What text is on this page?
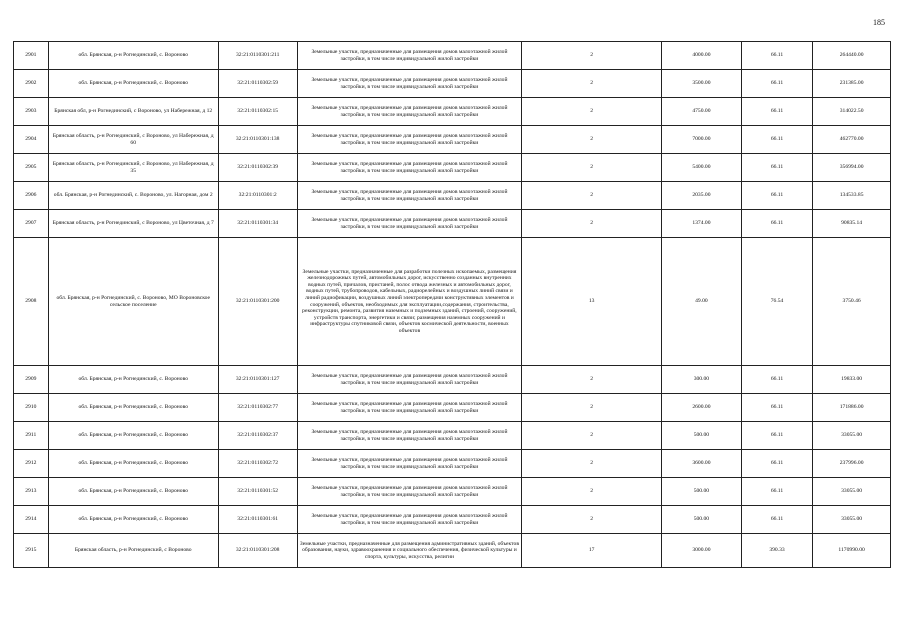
185
2901	обл. Брянская, р-н Рогнединский, с. Вороново	32:21:0110301:211	Земельные участки, предназначенные для размещения домов малоэтажной жилой застройки, в том числе индивидуальной жилой застройки	2	4000.00	66.11	264440.00
2902	обл. Брянская, р-н Рогнединский, с. Вороново	32:21:0110302:59	Земельные участки, предназначенные для размещения домов малоэтажной жилой застройки, в том числе индивидуальной жилой застройки	2	3500.00	66.11	231385.00
2903	Брянская обл, р-н Рогнединский, с Вороново, ул Набережная, д 12	32:21:0110302:15	Земельные участки, предназначенные для размещения домов малоэтажной жилой застройки, в том числе индивидуальной жилой застройки	2	4750.00	66.11	314022.50
2904	Брянская область, р-н Рогнединский, с Вороново, ул Набережная, д 60	32:21:0110301:138	Земельные участки, предназначенные для размещения домов малоэтажной жилой застройки, в том числе индивидуальной жилой застройки	2	7000.00	66.11	462770.00
2905	Брянская область, р-н Рогнединский, с Вороново, ул Набережная, д 35	32:21:0110302:39	Земельные участки, предназначенные для размещения домов малоэтажной жилой застройки, в том числе индивидуальной жилой застройки	2	5400.00	66.11	356994.00
2906	обл. Брянская, р-н Рогнединский, с. Вороново, ул. Нагорная, дом 2	32:21:0110301:2	Земельные участки, предназначенные для размещения домов малоэтажной жилой застройки, в том числе индивидуальной жилой застройки	2	2035.00	66.11	134533.85
2907	Брянская область, р-н Рогнединский, с Вороново, ул Цветочная, д 7	32:21:0110301:34	Земельные участки, предназначенные для размещения домов малоэтажной жилой застройки, в том числе индивидуальной жилой застройки	2	1374.00	66.11	90835.14
2908	обл. Брянская, р-н Рогнединский, с. Вороново, МО Вороновское сельское поселение	32:21:0110301:200	Земельные участки, предназначенные для разработки полезных ископаемых, размещения железнодорожных путей, автомобильных дорог, искусственно созданных внутренних водных путей, причалов, пристаней, полос отвода железных и автомобильных дорог, водных путей, трубопроводов, кабельных, радиорелейных и воздушных линий связи и линий радиофикации, воздушных линий электропередачи конструктивных элементов и сооружений, объектов, необходимых для эксплуатации,содержания, строительства, реконструкции, ремонта, развития наземных и подземных зданий, строений, сооружений, устройств транспорта, энергетики и связи; размещения наземных сооружений и инфраструктуры спутниковой связи, объектов космической деятельности, военных объектов	13	49.00	76.54	3750.46
2909	обл. Брянская, р-н Рогнединский, с. Вороново	32:21:0110301:127	Земельные участки, предназначенные для размещения домов малоэтажной жилой застройки, в том числе индивидуальной жилой застройки	2	300.00	66.11	19833.00
2910	обл. Брянская, р-н Рогнединский, с. Вороново	32:21:0110302:77	Земельные участки, предназначенные для размещения домов малоэтажной жилой застройки, в том числе индивидуальной жилой застройки	2	2600.00	66.11	171886.00
2911	обл. Брянская, р-н Рогнединский, с. Вороново	32:21:0110302:37	Земельные участки, предназначенные для размещения домов малоэтажной жилой застройки, в том числе индивидуальной жилой застройки	2	500.00	66.11	33055.00
2912	обл. Брянская, р-н Рогнединский, с. Вороново	32:21:0110302:72	Земельные участки, предназначенные для размещения домов малоэтажной жилой застройки, в том числе индивидуальной жилой застройки	2	3600.00	66.11	237996.00
2913	обл. Брянская, р-н Рогнединский, с. Вороново	32:21:0110301:52	Земельные участки, предназначенные для размещения домов малоэтажной жилой застройки, в том числе индивидуальной жилой застройки	2	500.00	66.11	33055.00
2914	обл. Брянская, р-н Рогнединский, с. Вороново	32:21:0110301:61	Земельные участки, предназначенные для размещения домов малоэтажной жилой застройки, в том числе индивидуальной жилой застройки	2	500.00	66.11	33055.00
2915	Брянская область, р-н Рогнединский, с Вороново	32:21:0110301:208	Земельные участки, предназначенные для размещения административных зданий, объектов образования, науки, здравоохранения и социального обеспечения, физической культуры и спорта, культуры, искусства, религии	17	3000.00	390.33	1170990.00
